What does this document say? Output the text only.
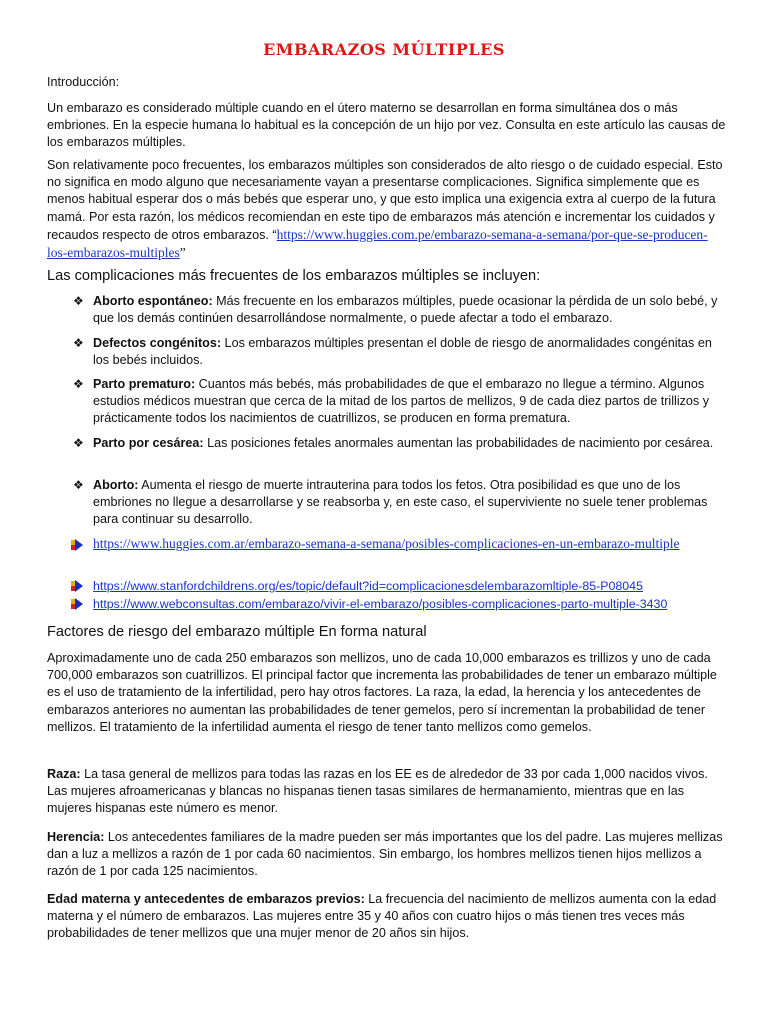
EMBARAZOS MÚLTIPLES

Introducción:

Un embarazo es considerado múltiple cuando en el útero materno se desarrollan en forma simultánea dos o más embriones. En la especie humana lo habitual es la concepción de un hijo por vez. Consulta en este artículo las causas de los embarazos múltiples.

Son relativamente poco frecuentes, los embarazos múltiples son considerados de alto riesgo o de cuidado especial. Esto no significa en modo alguno que necesariamente vayan a presentarse complicaciones. Significa simplemente que es menos habitual esperar dos o más bebés que esperar uno, y que esto implica una exigencia extra al cuerpo de la futura mamá. Por esta razón, los médicos recomiendan en este tipo de embarazos más atención e incrementar los cuidados y recaudos respecto de otros embarazos. “https://www.huggies.com.pe/embarazo-semana-a-semana/por-que-se-producen-los-embarazos-multiples”

Las complicaciones más frecuentes de los embarazos múltiples se incluyen:

❖ Aborto espontáneo: Más frecuente en los embarazos múltiples, puede ocasionar la pérdida de un solo bebé, y que los demás continúen desarrollándose normalmente, o puede afectar a todo el embarazo.

❖ Defectos congénitos: Los embarazos múltiples presentan el doble de riesgo de anormalidades congénitas en los bebés incluidos.

❖ Parto prematuro: Cuantos más bebés, más probabilidades de que el embarazo no llegue a término. Algunos estudios médicos muestran que cerca de la mitad de los partos de mellizos, 9 de cada diez partos de trillizos y prácticamente todos los nacimientos de cuatrillizos, se producen en forma prematura.

❖ Parto por cesárea: Las posiciones fetales anormales aumentan las probabilidades de nacimiento por cesárea.

❖ Aborto: Aumenta el riesgo de muerte intrauterina para todos los fetos. Otra posibilidad es que uno de los embriones no llegue a desarrollarse y se reabsorba y, en este caso, el superviviente no suele tener problemas para continuar su desarrollo.

https://www.huggies.com.ar/embarazo-semana-a-semana/posibles-complicaciones-en-un-embarazo-multiple

https://www.stanfordchildrens.org/es/topic/default?id=complicacionesdelembarazomltiple-85-P08045

https://www.webconsultas.com/embarazo/vivir-el-embarazo/posibles-complicaciones-parto-multiple-3430

Factores de riesgo del embarazo múltiple En forma natural

Aproximadamente uno de cada 250 embarazos son mellizos, uno de cada 10,000 embarazos es trillizos y uno de cada 700,000 embarazos son cuatrillizos. El principal factor que incrementa las probabilidades de tener un embarazo múltiple es el uso de tratamiento de la infertilidad, pero hay otros factores. La raza, la edad, la herencia y los antecedentes de embarazos anteriores no aumentan las probabilidades de tener gemelos, pero sí incrementan la probabilidad de tener mellizos. El tratamiento de la infertilidad aumenta el riesgo de tener tanto mellizos como gemelos.

Raza: La tasa general de mellizos para todas las razas en los EE es de alrededor de 33 por cada 1,000 nacidos vivos. Las mujeres afroamericanas y blancas no hispanas tienen tasas similares de hermanamiento, mientras que en las mujeres hispanas este número es menor.

Herencia: Los antecedentes familiares de la madre pueden ser más importantes que los del padre. Las mujeres mellizas dan a luz a mellizos a razón de 1 por cada 60 nacimientos. Sin embargo, los hombres mellizos tienen hijos mellizos a razón de 1 por cada 125 nacimientos.

Edad materna y antecedentes de embarazos previos: La frecuencia del nacimiento de mellizos aumenta con la edad materna y el número de embarazos. Las mujeres entre 35 y 40 años con cuatro hijos o más tienen tres veces más probabilidades de tener mellizos que una mujer menor de 20 años sin hijos.
